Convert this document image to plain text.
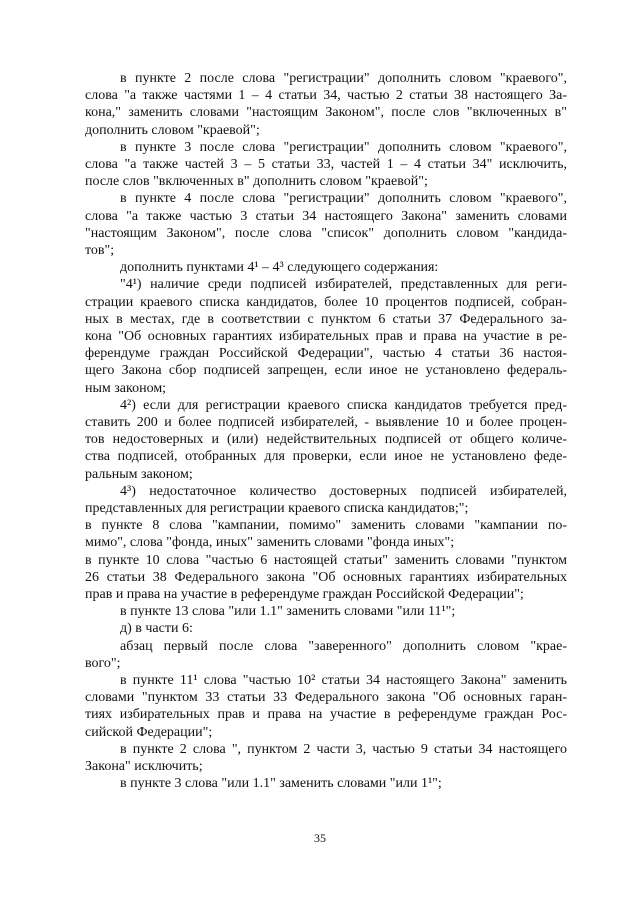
в пункте 2 после слова "регистрации" дополнить словом "краевого",
слова "а также частями 1 – 4 статьи 34, частью 2 статьи 38 настоящего За-
кона," заменить словами "настоящим Законом", после слов "включенных в"
дополнить словом "краевой";
в пункте 3 после слова "регистрации" дополнить словом "краевого",
слова "а также частей 3 – 5 статьи 33, частей 1 – 4 статьи 34" исключить,
после слов "включенных в" дополнить словом "краевой";
в пункте 4 после слова "регистрации" дополнить словом "краевого",
слова "а также частью 3 статьи 34 настоящего Закона" заменить словами
"настоящим Законом", после слова "список" дополнить словом "кандида-
тов";
дополнить пунктами 4¹ – 4³ следующего содержания:
"4¹) наличие среди подписей избирателей, представленных для реги-
страции краевого списка кандидатов, более 10 процентов подписей, собран-
ных в местах, где в соответствии с пунктом 6 статьи 37 Федерального за-
кона "Об основных гарантиях избирательных прав и права на участие в ре-
ферендуме граждан Российской Федерации", частью 4 статьи 36 настоя-
щего Закона сбор подписей запрещен, если иное не установлено федераль-
ным законом;
4²) если для регистрации краевого списка кандидатов требуется пред-
ставить 200 и более подписей избирателей, - выявление 10 и более процен-
тов недостоверных и (или) недействительных подписей от общего количе-
ства подписей, отобранных для проверки, если иное не установлено феде-
ральным законом;
4³) недостаточное количество достоверных подписей избирателей,
представленных для регистрации краевого списка кандидатов;";
в пункте 8 слова "кампании, помимо" заменить словами "кампании по-
мимо", слова "фонда, иных" заменить словами "фонда иных";
в пункте 10 слова "частью 6 настоящей статьи" заменить словами "пунктом
26 статьи 38 Федерального закона "Об основных гарантиях избирательных
прав и права на участие в референдуме граждан Российской Федерации";
в пункте 13 слова "или 1.1" заменить словами "или 11¹";
д) в части 6:
абзац первый после слова "заверенного" дополнить словом "крае-
вого";
в пункте 11¹ слова "частью 10² статьи 34 настоящего Закона" заменить
словами "пунктом 33 статьи 33 Федерального закона "Об основных гаран-
тиях избирательных прав и права на участие в референдуме граждан Рос-
сийской Федерации";
в пункте 2 слова ", пунктом 2 части 3, частью 9 статьи 34 настоящего
Закона" исключить;
в пункте 3 слова "или 1.1" заменить словами "или 1¹";
35
